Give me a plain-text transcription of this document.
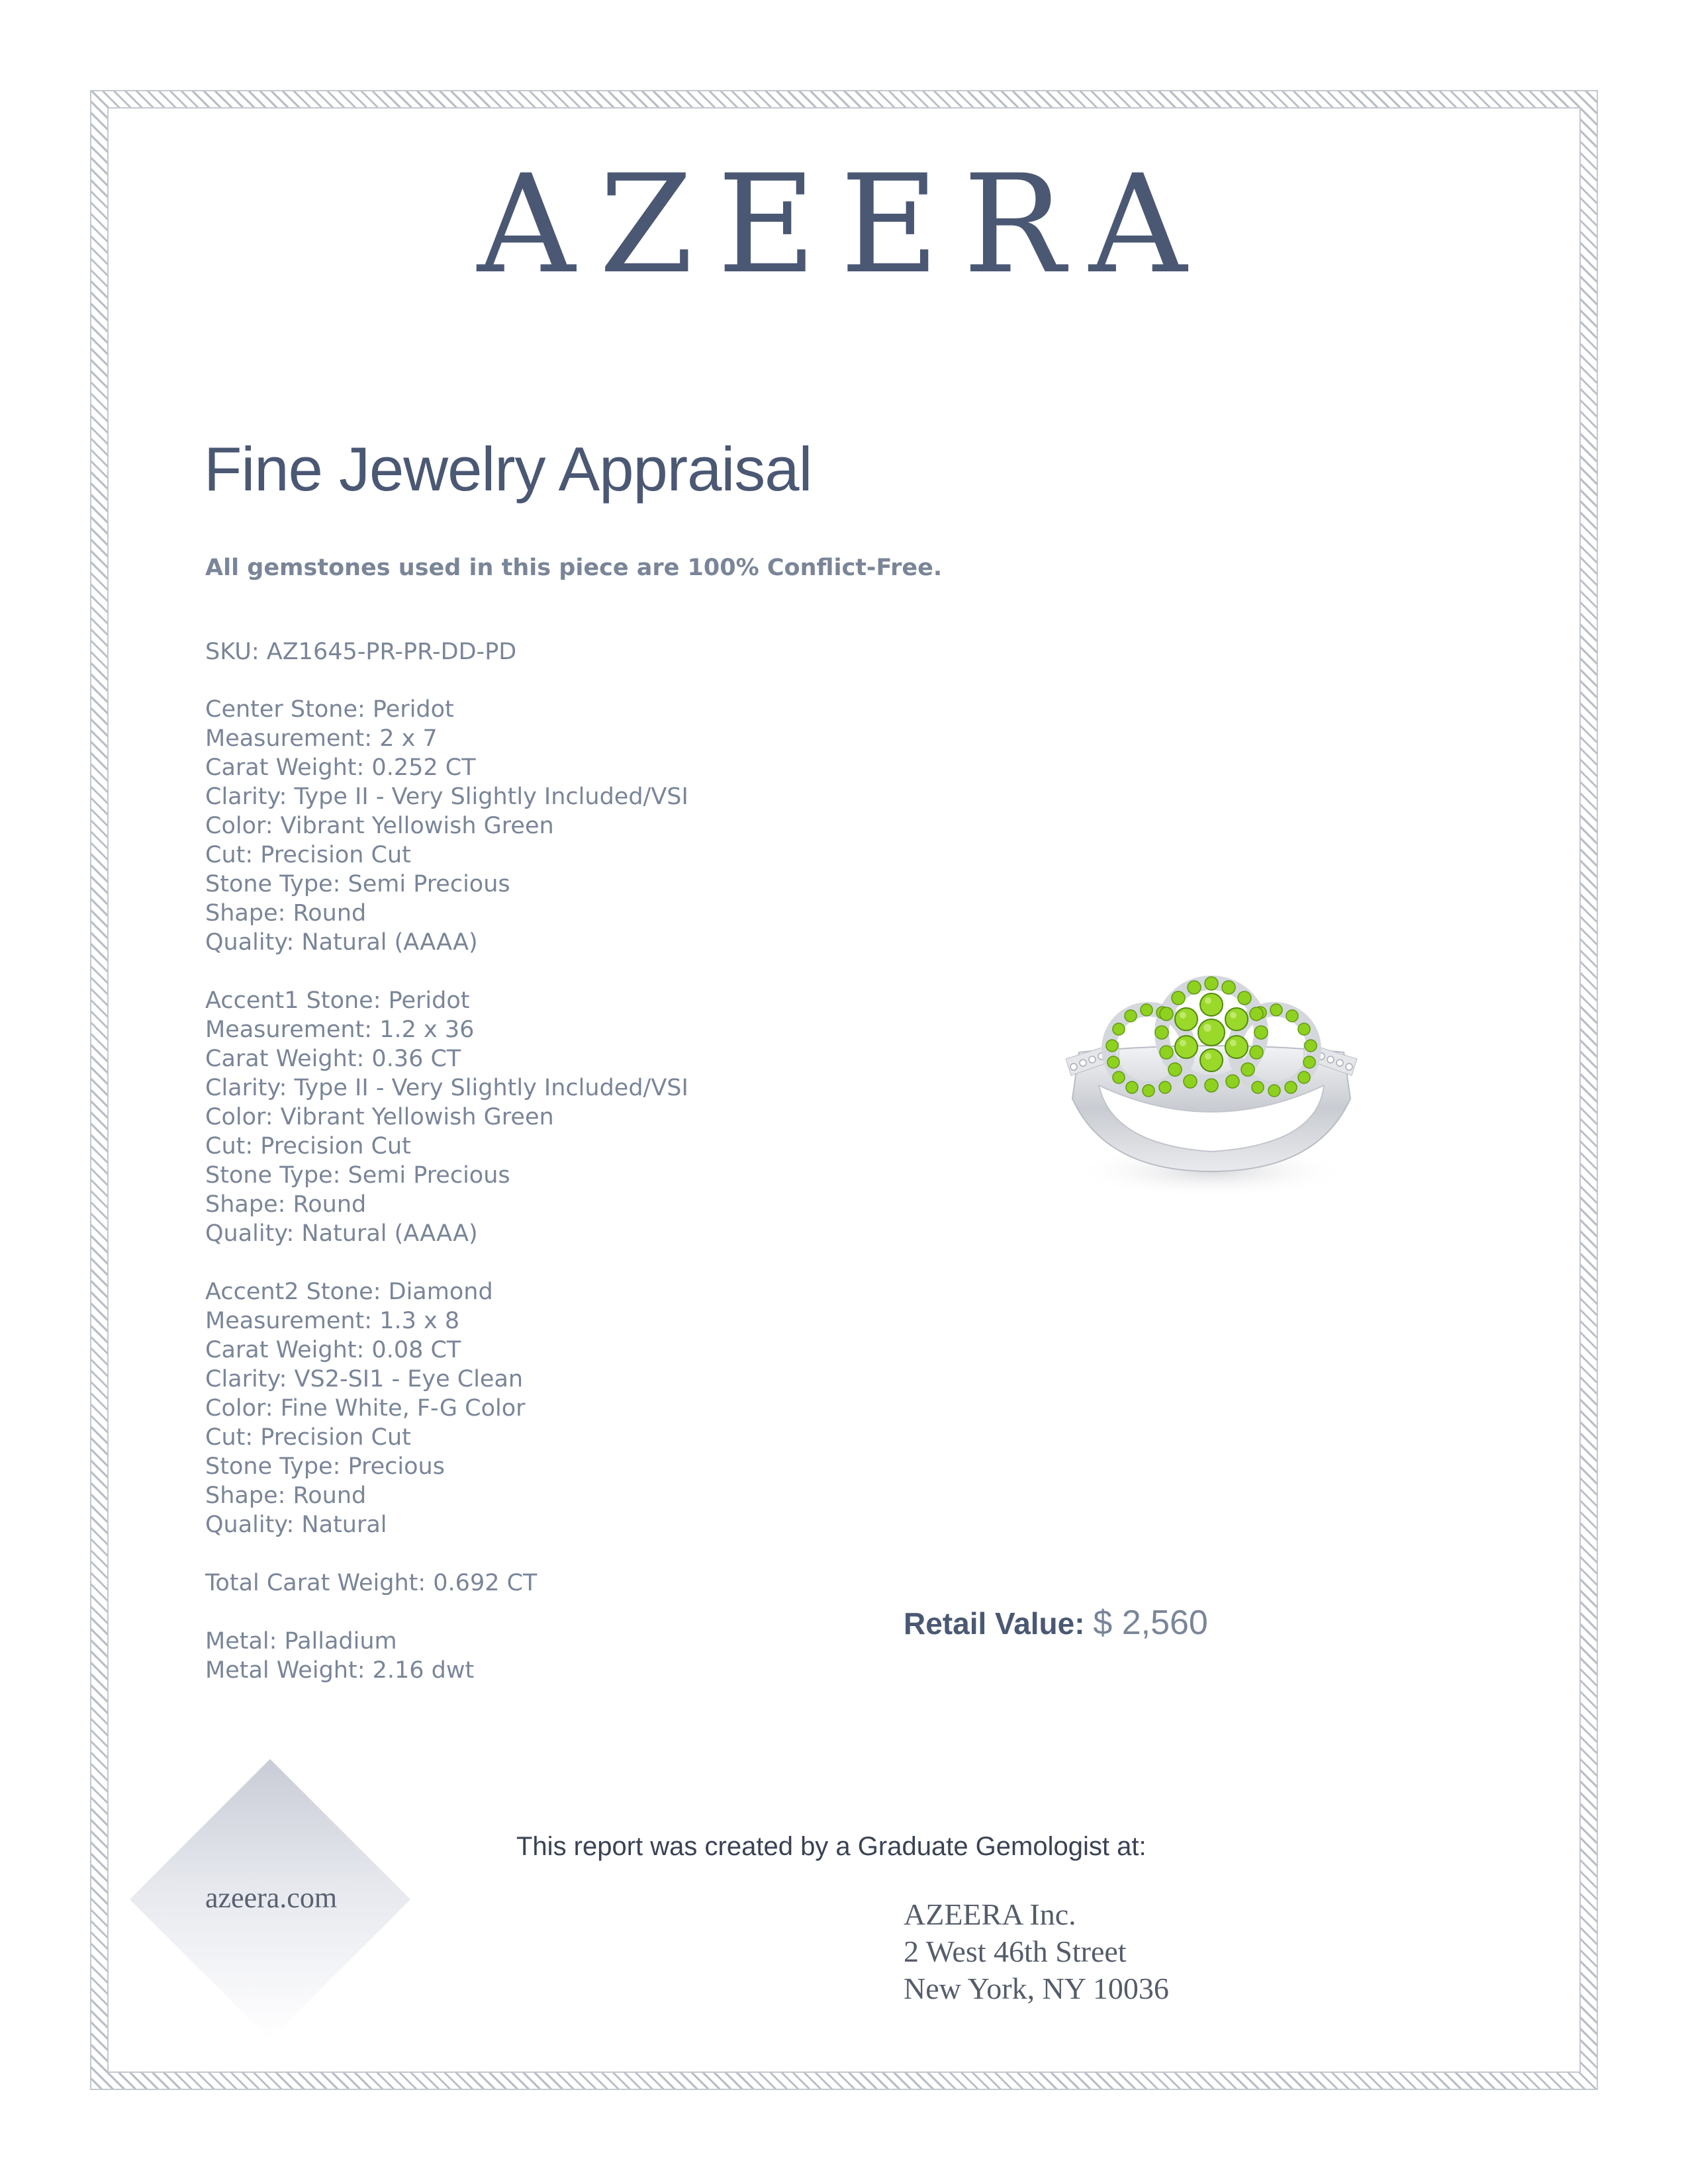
AZEERA
Fine Jewelry Appraisal
All gemstones used in this piece are 100% Conflict-Free.
SKU: AZ1645-PR-PR-DD-PD
Center Stone: Peridot
Measurement: 2 x 7
Carat Weight: 0.252 CT
Clarity: Type II - Very Slightly Included/VSI
Color: Vibrant Yellowish Green
Cut: Precision Cut
Stone Type: Semi Precious
Shape: Round
Quality: Natural (AAAA)
Accent1 Stone: Peridot
Measurement: 1.2 x 36
Carat Weight: 0.36 CT
Clarity: Type II - Very Slightly Included/VSI
Color: Vibrant Yellowish Green
Cut: Precision Cut
Stone Type: Semi Precious
Shape: Round
Quality: Natural (AAAA)
Accent2 Stone: Diamond
Measurement: 1.3 x 8
Carat Weight: 0.08 CT
Clarity: VS2-SI1 - Eye Clean
Color: Fine White, F-G Color
Cut: Precision Cut
Stone Type: Precious
Shape: Round
Quality: Natural
Total Carat Weight: 0.692 CT
Metal: Palladium
Metal Weight: 2.16 dwt
Retail Value: $ 2,560
azeera.com
This report was created by a Graduate Gemologist at:
AZEERA Inc.
2 West 46th Street
New York, NY 10036
